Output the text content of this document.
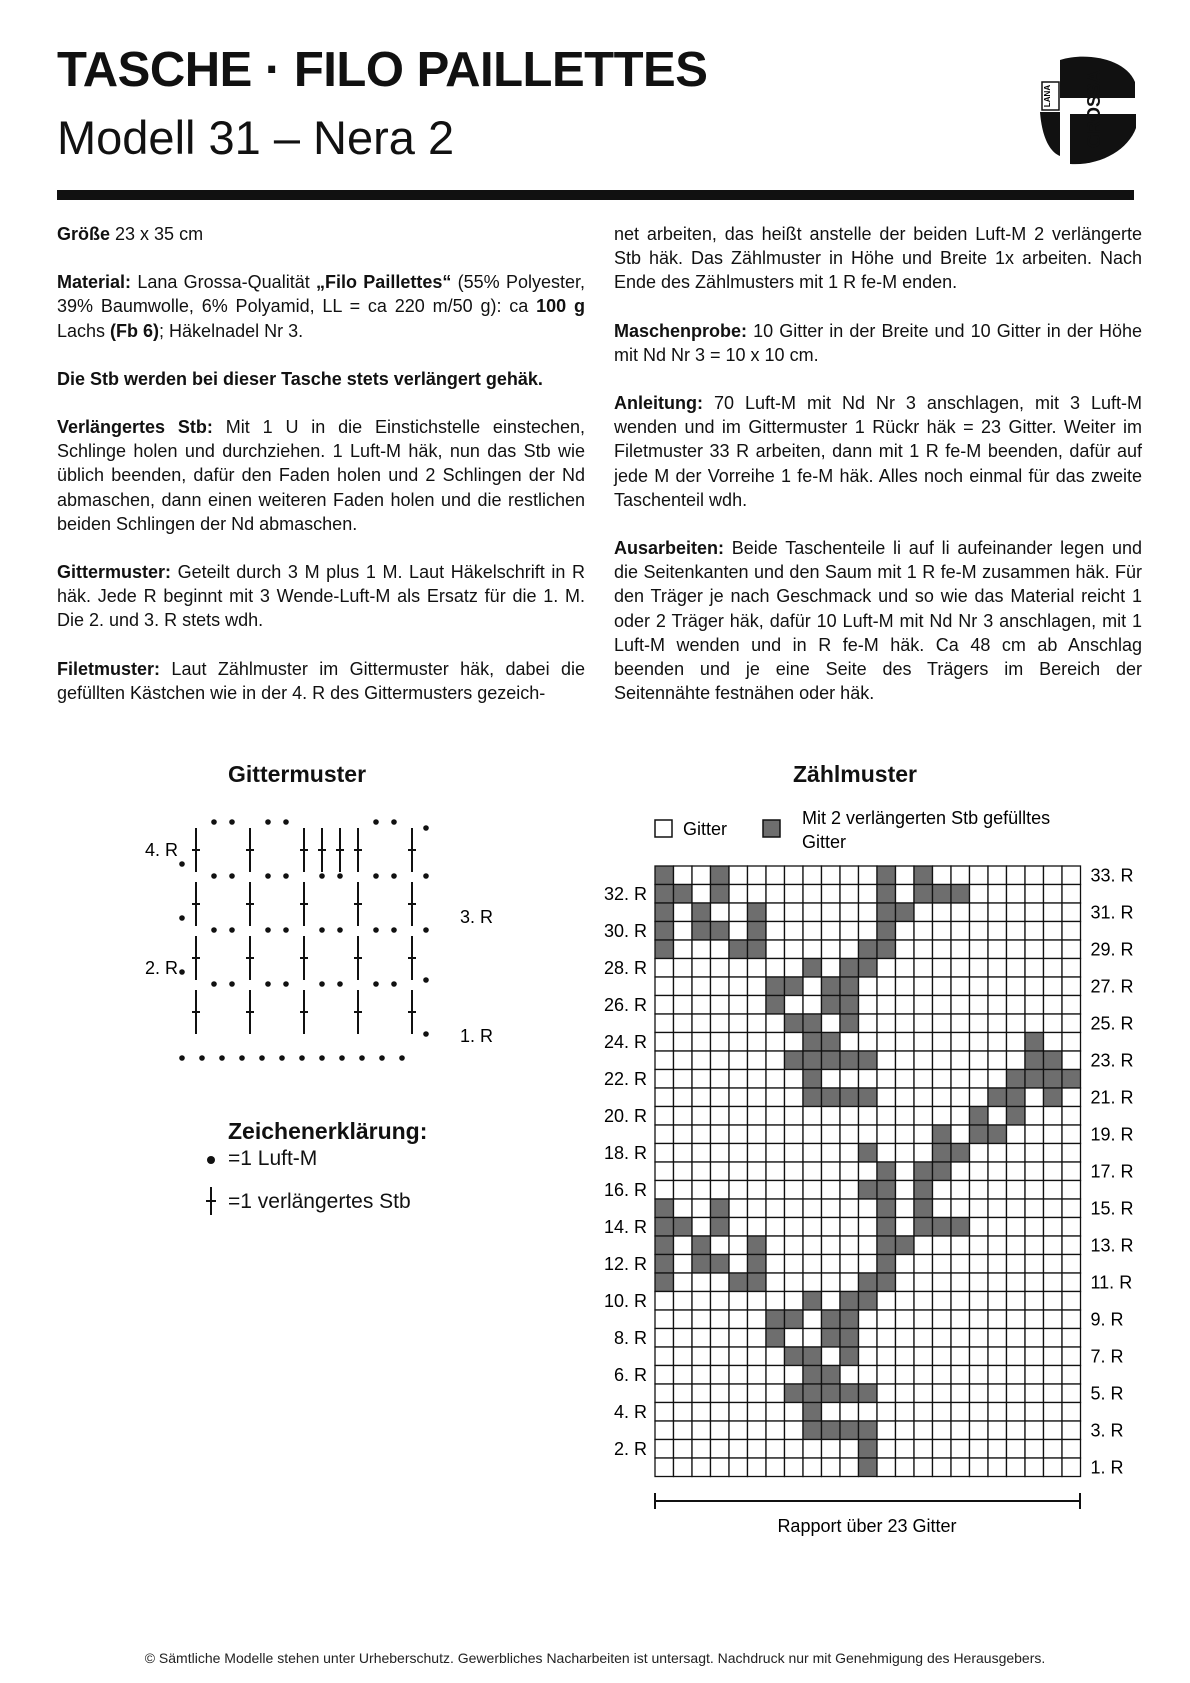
TASCHE · FILO PAILLETTES
Modell 31 – Nera 2
LANA GROSSA

Größe 23 x 35 cm

Material: Lana Grossa-Qualität „Filo Paillettes“ (55% Polyester, 39% Baumwolle, 6% Polyamid, LL = ca 220 m/50 g): ca 100 g Lachs (Fb 6); Häkelnadel Nr 3.

Die Stb werden bei dieser Tasche stets verlängert gehäk.

Verlängertes Stb: Mit 1 U in die Einstichstelle einstechen, Schlinge holen und durchziehen. 1 Luft-M häk, nun das Stb wie üblich beenden, dafür den Faden holen und 2 Schlingen der Nd abmaschen, dann einen weiteren Faden holen und die restlichen beiden Schlingen der Nd abmaschen.

Gittermuster: Geteilt durch 3 M plus 1 M. Laut Häkelschrift in R häk. Jede R beginnt mit 3 Wende-Luft-M als Ersatz für die 1. M. Die 2. und 3. R stets wdh.

Filetmuster: Laut Zählmuster im Gittermuster häk, dabei die gefüllten Kästchen wie in der 4. R des Gittermusters gezeich-

net arbeiten, das heißt anstelle der beiden Luft-M 2 verlängerte Stb häk. Das Zählmuster in Höhe und Breite 1x arbeiten. Nach Ende des Zählmusters mit 1 R fe-M enden.

Maschenprobe: 10 Gitter in der Breite und 10 Gitter in der Höhe mit Nd Nr 3 = 10 x 10 cm.

Anleitung: 70 Luft-M mit Nd Nr 3 anschlagen, mit 3 Luft-M wenden und im Gittermuster 1 Rückr häk = 23 Gitter. Weiter im Filetmuster 33 R arbeiten, dann mit 1 R fe-M beenden, dafür auf jede M der Vorreihe 1 fe-M häk. Alles noch einmal für das zweite Taschenteil wdh.

Ausarbeiten: Beide Taschenteile li auf li aufeinander legen und die Seitenkanten und den Saum mit 1 R fe-M zusammen häk. Für den Träger je nach Geschmack und so wie das Material reicht 1 oder 2 Träger häk, dafür 10 Luft-M mit Nd Nr 3 anschlagen, mit 1 Luft-M wenden und in R fe-M häk. Ca 48 cm ab Anschlag beenden und je eine Seite des Trägers im Bereich der Seitennähte festnähen oder häk.

Gittermuster
4. R
2. R
3. R
1. R
Zeichenerklärung:
=1 Luft-M
=1 verlängertes Stb
Zählmuster
Gitter
Mit 2 verlängerten Stb gefülltes
Gitter
33. R
31. R
29. R
27. R
25. R
23. R
21. R
19. R
17. R
15. R
13. R
11. R
9. R
7. R
5. R
3. R
1. R
32. R
30. R
28. R
26. R
24. R
22. R
20. R
18. R
16. R
14. R
12. R
10. R
8. R
6. R
4. R
2. R
Rapport über 23 Gitter
© Sämtliche Modelle stehen unter Urheberschutz. Gewerbliches Nacharbeiten ist untersagt. Nachdruck nur mit Genehmigung des Herausgebers.
